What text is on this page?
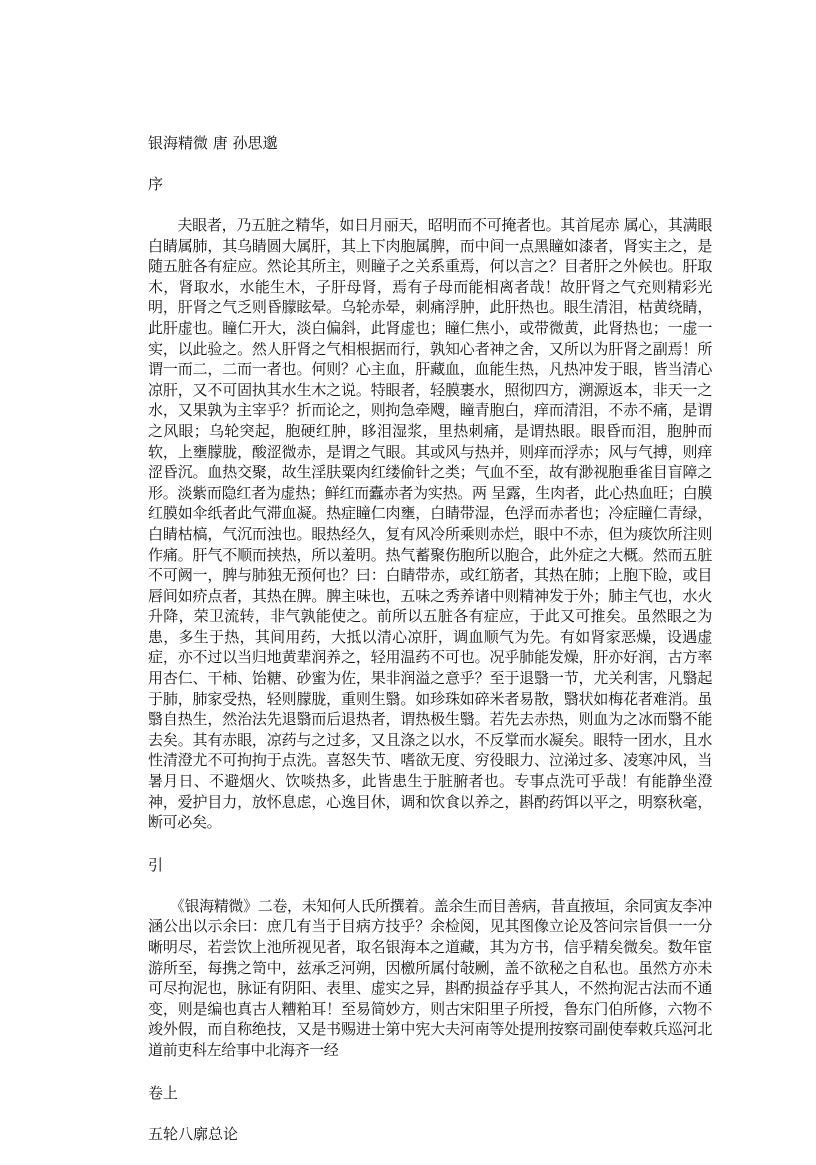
银海精微 唐 孙思邈
序

　　夫眼者，乃五脏之精华，如日月丽天，昭明而不可掩者也。其首尾赤 属心，其满眼白睛属肺，其乌睛圆大属肝，其上下肉胞属脾，而中间一点黑瞳如漆者，肾实主之，是随五脏各有症应。然论其所主，则瞳子之关系重焉，何以言之？目者肝之外候也。肝取木，肾取水，水能生木，子肝母肾，焉有子母而能相离者哉！故肝肾之气充则精彩光明，肝肾之气乏则昏朦眩晕。乌轮赤晕，刺痛浮肿，此肝热也。眼生清泪，枯黄绕睛，此肝虚也。瞳仁开大，淡白偏斜，此肾虚也；瞳仁焦小，或带微黄，此肾热也；一虚一实，以此验之。然人肝肾之气相根据而行，孰知心者神之舍，又所以为肝肾之副焉！所谓一而二，二而一者也。何则？心主血，肝藏血，血能生热，凡热冲发于眼，皆当清心凉肝，又不可固执其水生木之说。特眼者，轻膜裹水，照彻四方，溯源返本，非天一之水，又果孰为主宰乎？折而论之，则拘急牵飕，瞳青胞白，痒而清泪，不赤不痛，是谓之风眼；乌轮突起，胞硬红肿，眵泪湿浆，里热刺痛，是谓热眼。眼昏而泪，胞肿而软，上壅朦胧，酸涩微赤，是谓之气眼。其或风与热并，则痒而浮赤；风与气搏，则痒涩昏沉。血热交聚，故生淫肤粟肉红缕偷针之类；气血不至，故有渺视胞垂雀目盲障之形。淡紫而隐红者为虚热；鲜红而蠹赤者为实热。两 呈露，生肉者，此心热血旺；白膜红膜如伞纸者此气滞血凝。热症瞳仁肉壅，白睛带湿，色浮而赤者也；冷症瞳仁青绿，白睛枯槁，气沉而浊也。眼热经久，复有风冷所乘则赤烂，眼中不赤，但为痰饮所注则作痛。肝气不顺而挟热，所以羞明。热气蓄聚伤胞所以胞合，此外症之大概。然而五脏不可阙一，脾与肺独无预何也？曰：白睛带赤，或红筋者，其热在肺；上胞下睑，或目唇间如疥点者，其热在脾。脾主味也，五味之秀养诸中则精神发于外；肺主气也，水火升降，荣卫流转，非气孰能使之。前所以五脏各有症应，于此又可推矣。虽然眼之为患，多生于热，其间用药，大抵以清心凉肝，调血顺气为先。有如肾家恶燥，设遇虚症，亦不过以当归地黄辈润养之，轻用温药不可也。况乎肺能发燥，肝亦好润，古方率用杏仁、干柿、饴糖、砂蜜为佐，果非润溢之意乎？至于退翳一节，尤关利害，凡翳起于肺，肺家受热，轻则朦胧，重则生翳。如珍珠如碎米者易散，翳状如梅花者难消。虽翳自热生，然治法先退翳而后退热者，谓热极生翳。若先去赤热，则血为之冰而翳不能去矣。其有赤眼，凉药与之过多，又且涤之以水，不反掌而水凝矣。眼特一团水，且水性清澄尤不可拘拘于点洗。喜怒失节、嗜欲无度、穷役眼力、泣涕过多、凌寒冲风，当暑月日、不避烟火、饮啖热多，此皆患生于脏腑者也。专事点洗可乎哉！有能静坐澄神，爱护目力，放怀息虑，心逸目休，调和饮食以养之，斟酌药饵以平之，明察秋毫，断可必矣。

引

　　《银海精微》二卷，未知何人氏所撰着。盖余生而目善病，昔直掖垣，余同寅友李冲涵公出以示余曰：庶几有当于目病方技乎？余检阅，见其图像立论及答问宗旨俱一一分晰明尽，若尝饮上池所视见者，取名银海本之道藏，其为方书，信乎精矣微矣。数年宦游所至，每携之笥中，兹承乏河朔，因檄所属付敧劂，盖不欲秘之自私也。虽然方亦未可尽拘泥也，脉证有阴阳、表里、虚实之异，斟酌损益存乎其人，不然拘泥古法而不通变，则是编也真古人糟粕耳！至易简妙方，则古宋阳里子所授，鲁东门伯所修，六物不竣外假，而自称绝技，又是书赐进士第中宪大夫河南等处提刑按察司副使奉敕兵巡河北道前吏科左给事中北海齐一经

卷上
五轮八廓总论
